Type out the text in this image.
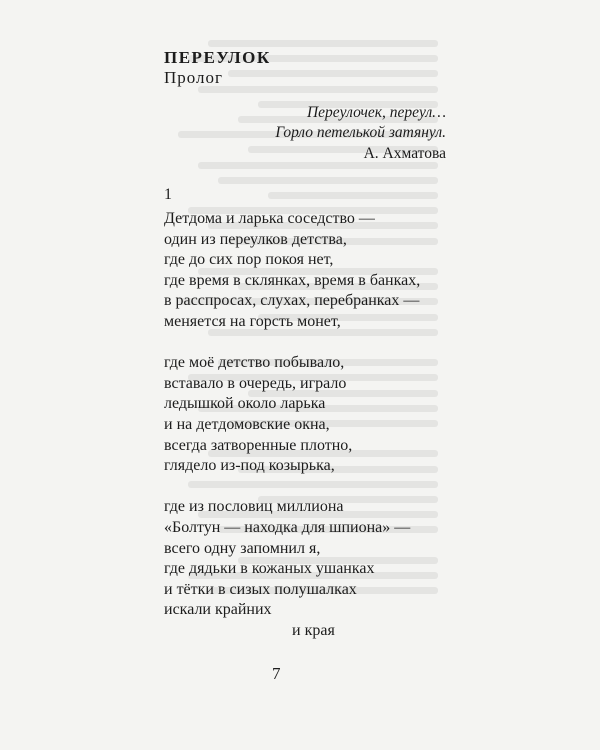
ПЕРЕУЛОК
Пролог
Переулочек, переул…
Горло петелькой затянул.
А. Ахматова
1
Детдома и ларька соседство —
один из переулков детства,
где до сих пор покоя нет,
где время в склянках, время в банках,
в расспросах, слухах, перебранках —
меняется на горсть монет,
где моё детство побывало,
вставало в очередь, играло
ледышкой около ларька
и на детдомовские окна,
всегда затворенные плотно,
глядело из-под козырька,
где из пословиц миллиона
«Болтун — находка для шпиона» —
всего одну запомнил я,
где дядьки в кожаных ушанках
и тётки в сизых полушалках
искали крайних
и края
7
